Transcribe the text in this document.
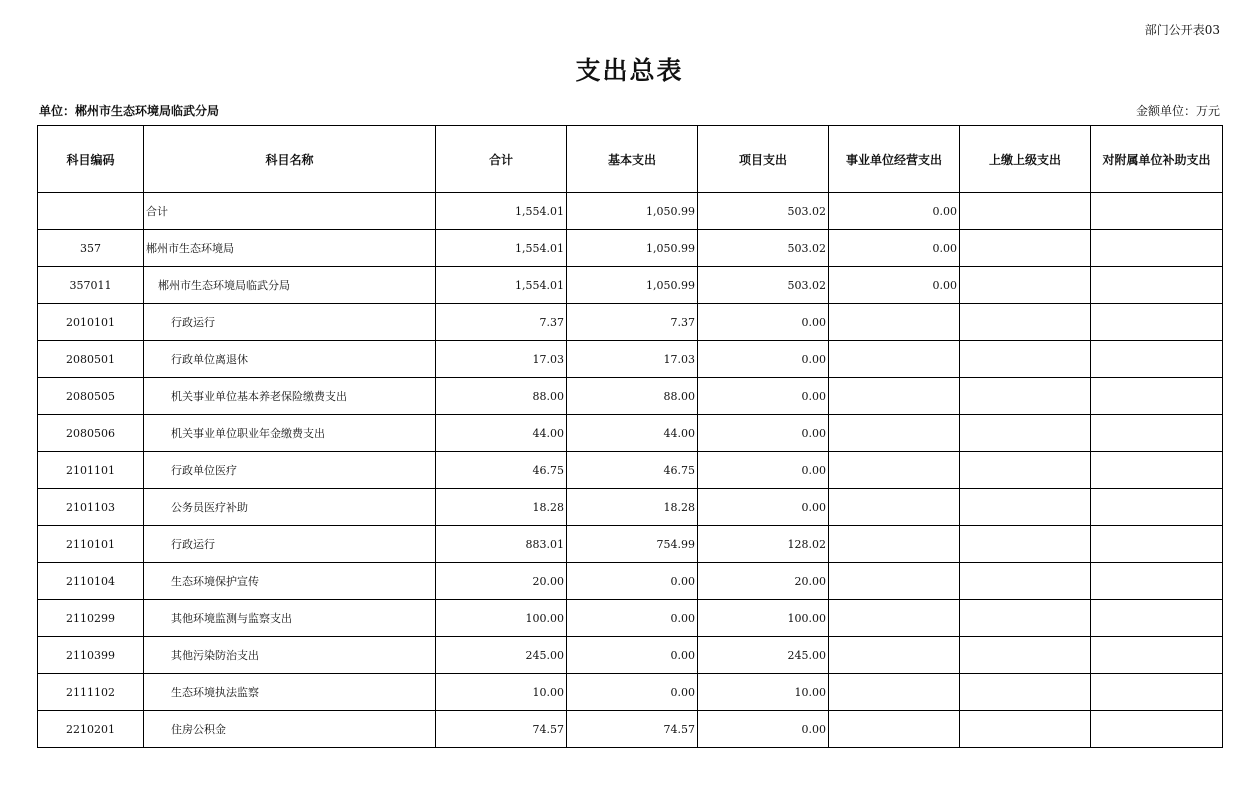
部门公开表03
支出总表
单位：郴州市生态环境局临武分局	金额单位：万元
科目编码	科目名称	合计	基本支出	项目支出	事业单位经营支出	上缴上级支出	对附属单位补助支出
	合计	1,554.01	1,050.99	503.02	0.00		
357	郴州市生态环境局	1,554.01	1,050.99	503.02	0.00		
357011	郴州市生态环境局临武分局	1,554.01	1,050.99	503.02	0.00		
2010101	行政运行	7.37	7.37	0.00			
2080501	行政单位离退休	17.03	17.03	0.00			
2080505	机关事业单位基本养老保险缴费支出	88.00	88.00	0.00			
2080506	机关事业单位职业年金缴费支出	44.00	44.00	0.00			
2101101	行政单位医疗	46.75	46.75	0.00			
2101103	公务员医疗补助	18.28	18.28	0.00			
2110101	行政运行	883.01	754.99	128.02			
2110104	生态环境保护宣传	20.00	0.00	20.00			
2110299	其他环境监测与监察支出	100.00	0.00	100.00			
2110399	其他污染防治支出	245.00	0.00	245.00			
2111102	生态环境执法监察	10.00	0.00	10.00			
2210201	住房公积金	74.57	74.57	0.00			
